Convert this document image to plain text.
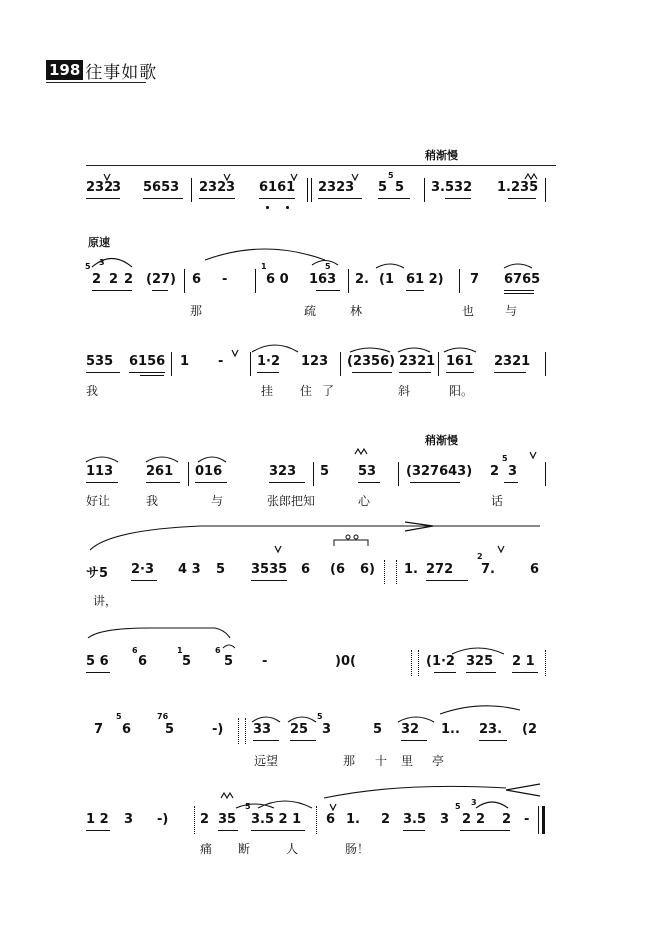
198 往事如歌
稍渐慢
232
3 5653 232 3 6161 2323
5
5 5 3.532 1.235
原速
5 3
2 2 2 (27) 6 -
1
6 0
5
163 2. (1 61 2) 7 6765
那	疏	林	也	与
535 6156 1 -	1·2 123 (2356) 2321 161 2321
我	挂 住 了	斜	阳。
稍渐慢
113	261 016	323 5 53 (327643)
5
2 3
好让	我	与	张郎把知	心	话
サ5 2·3 4 3 5 3535 6 (6 6) 1. 272
2
7.	6
讲，
5 6
6
6
1
5
6
5 -	)0(	(1·2 325 2 1
7
5
6
76
5	-) 33 25
5
3	5 32 1.. 23. (2
远望	那 十 里 亭
1 2 3 -) 2 35
5
3.5 2 1 6 1. 2 3.5 3
5
2
3
2 2 -
痛 断	人	肠！
